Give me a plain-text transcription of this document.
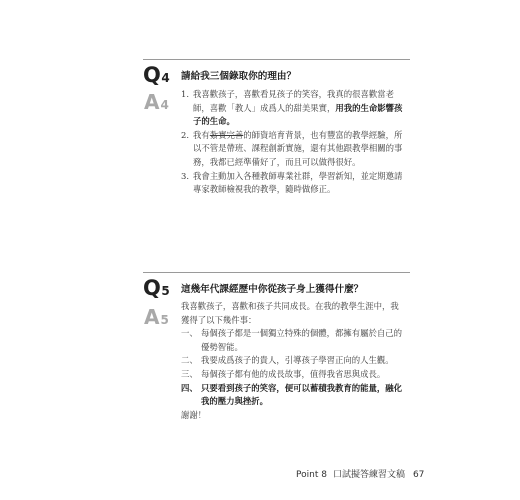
Q4 請給我三個錄取你的理由？
A4
1. 我喜歡孩子，喜歡看見孩子的笑容，我真的很喜歡當老師，喜歡「教人」成爲人的甜美果實，用我的生命影響孩子的生命。
2. 我有紮實完善的師資培育背景，也有豐富的教學經驗，所以不管是帶班、課程創新實施，還有其他跟教學相關的事務，我都已經準備好了，而且可以做得很好。
3. 我會主動加入各種教師專業社群，學習新知，並定期邀請專家教師檢視我的教學，隨時做修正。
Q5 這幾年代課經歷中你從孩子身上獲得什麼？
A5

我喜歡孩子，喜歡和孩子共同成長。在我的教學生涯中，我獲得了以下幾件事：

一、 每個孩子都是一個獨立特殊的個體，都擁有屬於自己的優勢智能。
二、 我要成爲孩子的貴人，引導孩子學習正向的人生觀。
三、 每個孩子都有他的成長故事，值得我省思與成長。
四、 只要看到孩子的笑容，便可以蓄積我教育的能量，融化我的壓力與挫折。

謝謝！

Point 8 口試擬答練習文稿 67
